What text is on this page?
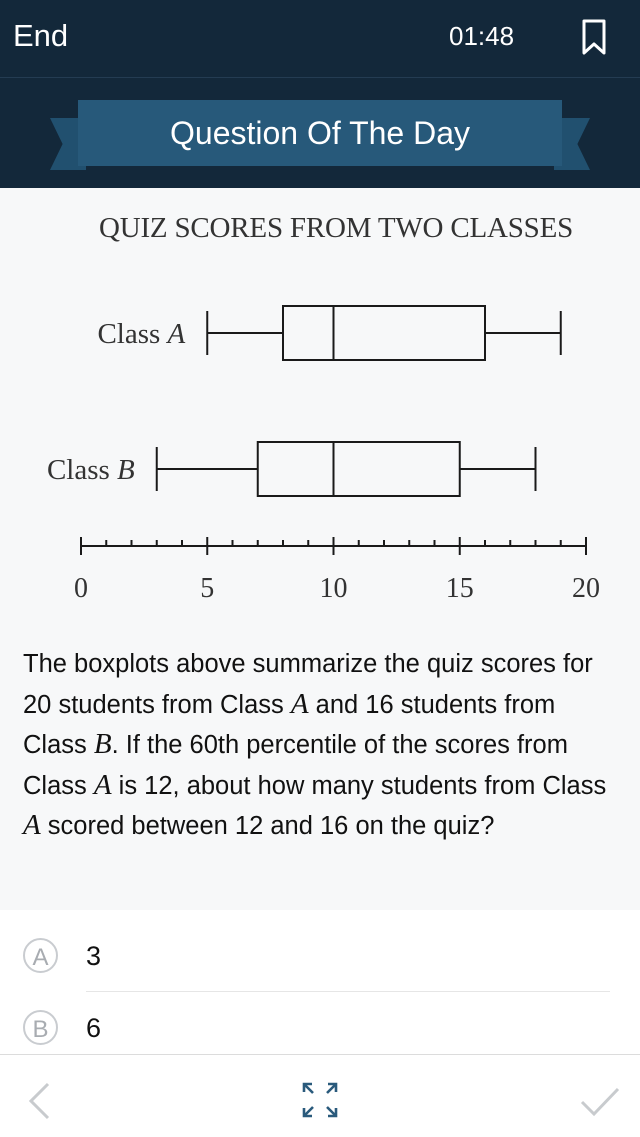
End	01:48
Question Of The Day
QUIZ SCORES FROM TWO CLASSES
Class A
Class B
0	5	10	15	20
The boxplots above summarize the quiz scores for 20 students from Class A and 16 students from Class B. If the 60th percentile of the scores from Class A is 12, about how many students from Class A scored between 12 and 16 on the quiz?
A	3
B	6
